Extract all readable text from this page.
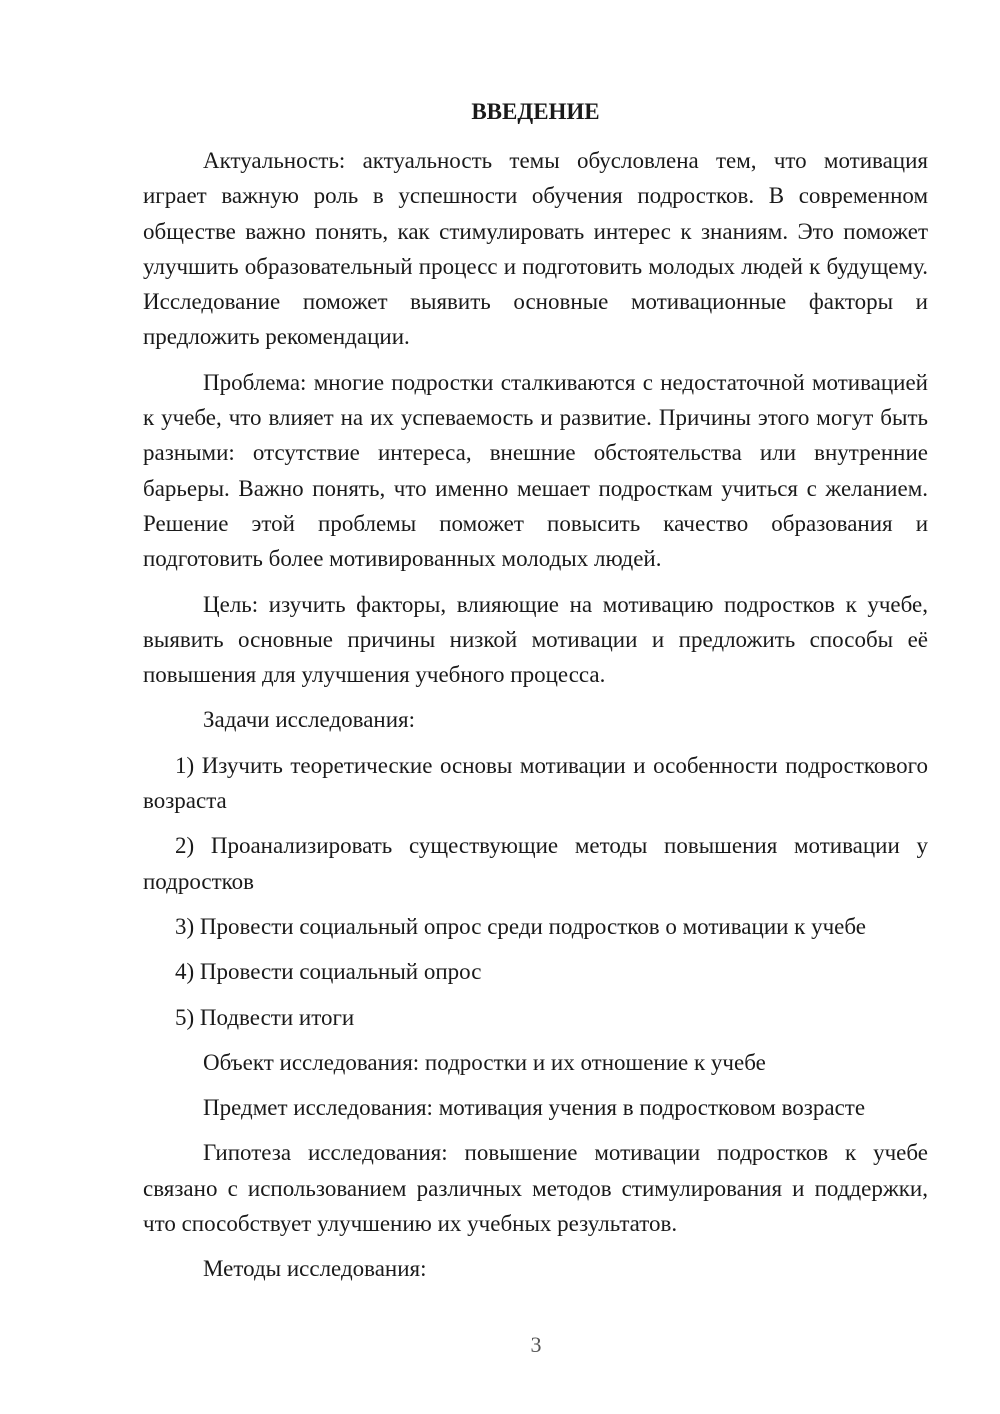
ВВЕДЕНИЕ

Актуальность: актуальность темы обусловлена тем, что мотивация играет важную роль в успешности обучения подростков. В современном обществе важно понять, как стимулировать интерес к знаниям. Это поможет улучшить образовательный процесс и подготовить молодых людей к будущему. Исследование поможет выявить основные мотивационные факторы и предложить рекомендации.

Проблема: многие подростки сталкиваются с недостаточной мотивацией к учебе, что влияет на их успеваемость и развитие. Причины этого могут быть разными: отсутствие интереса, внешние обстоятельства или внутренние барьеры. Важно понять, что именно мешает подросткам учиться с желанием. Решение этой проблемы поможет повысить качество образования и подготовить более мотивированных молодых людей.

Цель: изучить факторы, влияющие на мотивацию подростков к учебе, выявить основные причины низкой мотивации и предложить способы её повышения для улучшения учебного процесса.

Задачи исследования:

1) Изучить теоретические основы мотивации и особенности подросткового возраста

2) Проанализировать существующие методы повышения мотивации у подростков

3) Провести социальный опрос среди подростков о мотивации к учебе

4) Провести социальный опрос

5) Подвести итоги

Объект исследования: подростки и их отношение к учебе

Предмет исследования: мотивация учения в подростковом возрасте

Гипотеза исследования: повышение мотивации подростков к учебе связано с использованием различных методов стимулирования и поддержки, что способствует улучшению их учебных результатов.

Методы исследования:

3
